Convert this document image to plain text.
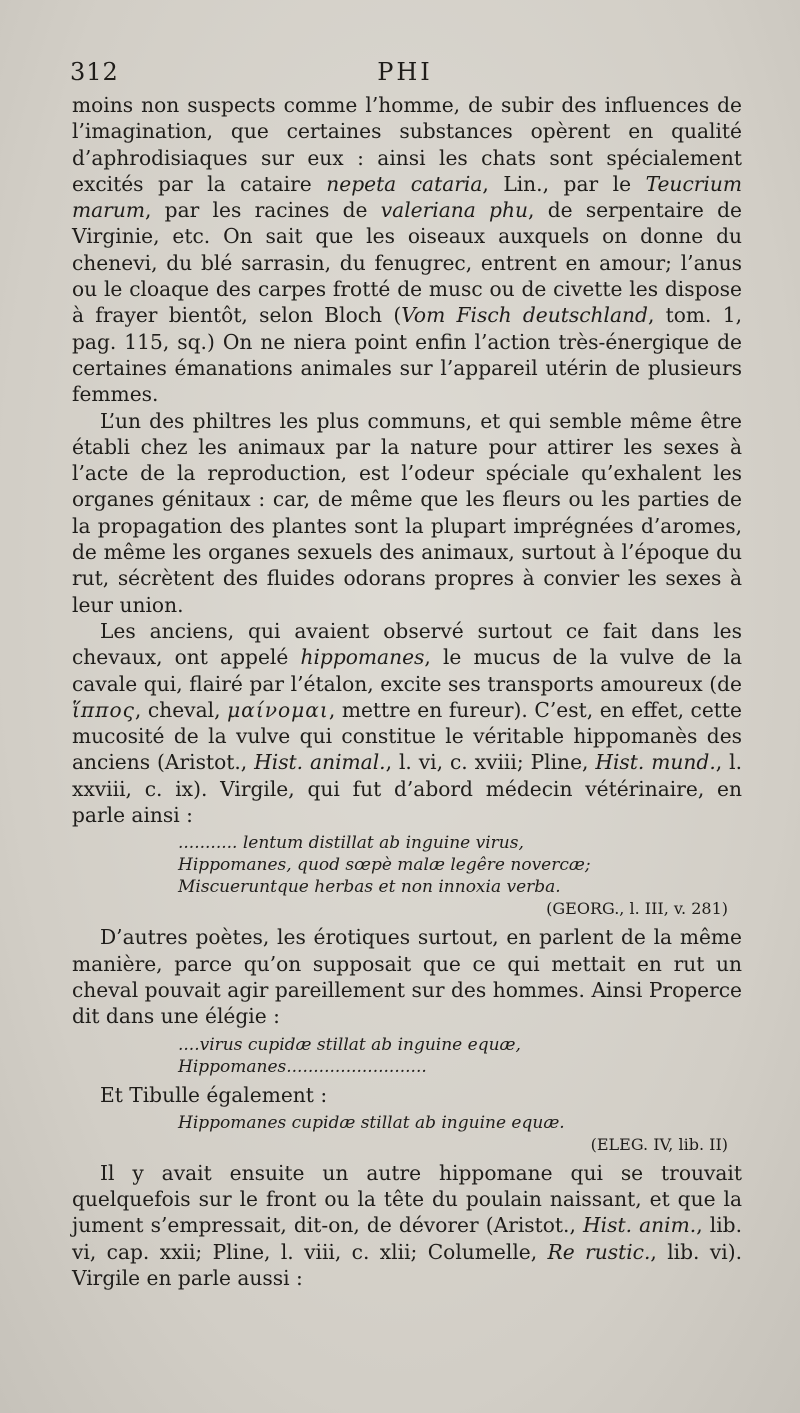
312	PHI

moins non suspects comme l’homme, de subir des influences de l’imagination, que certaines substances opèrent en qualité d’aphrodisiaques sur eux : ainsi les chats sont spécialement excités par la cataire nepeta cataria, Lin., par le Teucrium marum, par les racines de valeriana phu, de serpentaire de Virginie, etc. On sait que les oiseaux auxquels on donne du chenevi, du blé sarrasin, du fenugrec, entrent en amour; l’anus ou le cloaque des carpes frotté de musc ou de civette les dispose à frayer bientôt, selon Bloch (Vom Fisch deutschland, tom. 1, pag. 115, sq.) On ne niera point enfin l’action très-énergique de certaines émanations animales sur l’appareil utérin de plusieurs femmes.

L’un des philtres les plus communs, et qui semble même être établi chez les animaux par la nature pour attirer les sexes à l’acte de la reproduction, est l’odeur spéciale qu’exhalent les organes génitaux : car, de même que les fleurs ou les parties de la propagation des plantes sont la plupart imprégnées d’aromes, de même les organes sexuels des animaux, surtout à l’époque du rut, sécrètent des fluides odorans propres à convier les sexes à leur union.

Les anciens, qui avaient observé surtout ce fait dans les chevaux, ont appelé hippomanes, le mucus de la vulve de la cavale qui, flairé par l’étalon, excite ses transports amoureux (de ἵππος, cheval, μαίνομαι, mettre en fureur). C’est, en effet, cette mucosité de la vulve qui constitue le véritable hippomanès des anciens (Aristot., Hist. animal., l. vi, c. xviii; Pline, Hist. mund., l. xxviii, c. ix). Virgile, qui fut d’abord médecin vétérinaire, en parle ainsi :

........... lentum distillat ab inguine virus,
Hippomanes, quod sœpè malæ legêre novercæ;
Miscueruntque herbas et non innoxia verba.
(GEORG., l. III, v. 281)

D’autres poètes, les érotiques surtout, en parlent de la même manière, parce qu’on supposait que ce qui mettait en rut un cheval pouvait agir pareillement sur des hommes. Ainsi Properce dit dans une élégie :

....virus cupidæ stillat ab inguine equæ,
Hippomanes..........................

Et Tibulle également :

Hippomanes cupidæ stillat ab inguine equæ.
(ELEG. IV, lib. II)

Il y avait ensuite un autre hippomane qui se trouvait quelquefois sur le front ou la tête du poulain naissant, et que la jument s’empressait, dit-on, de dévorer (Aristot., Hist. anim., lib. vi, cap. xxii; Pline, l. viii, c. xlii; Columelle, Re rustic., lib. vi). Virgile en parle aussi :
